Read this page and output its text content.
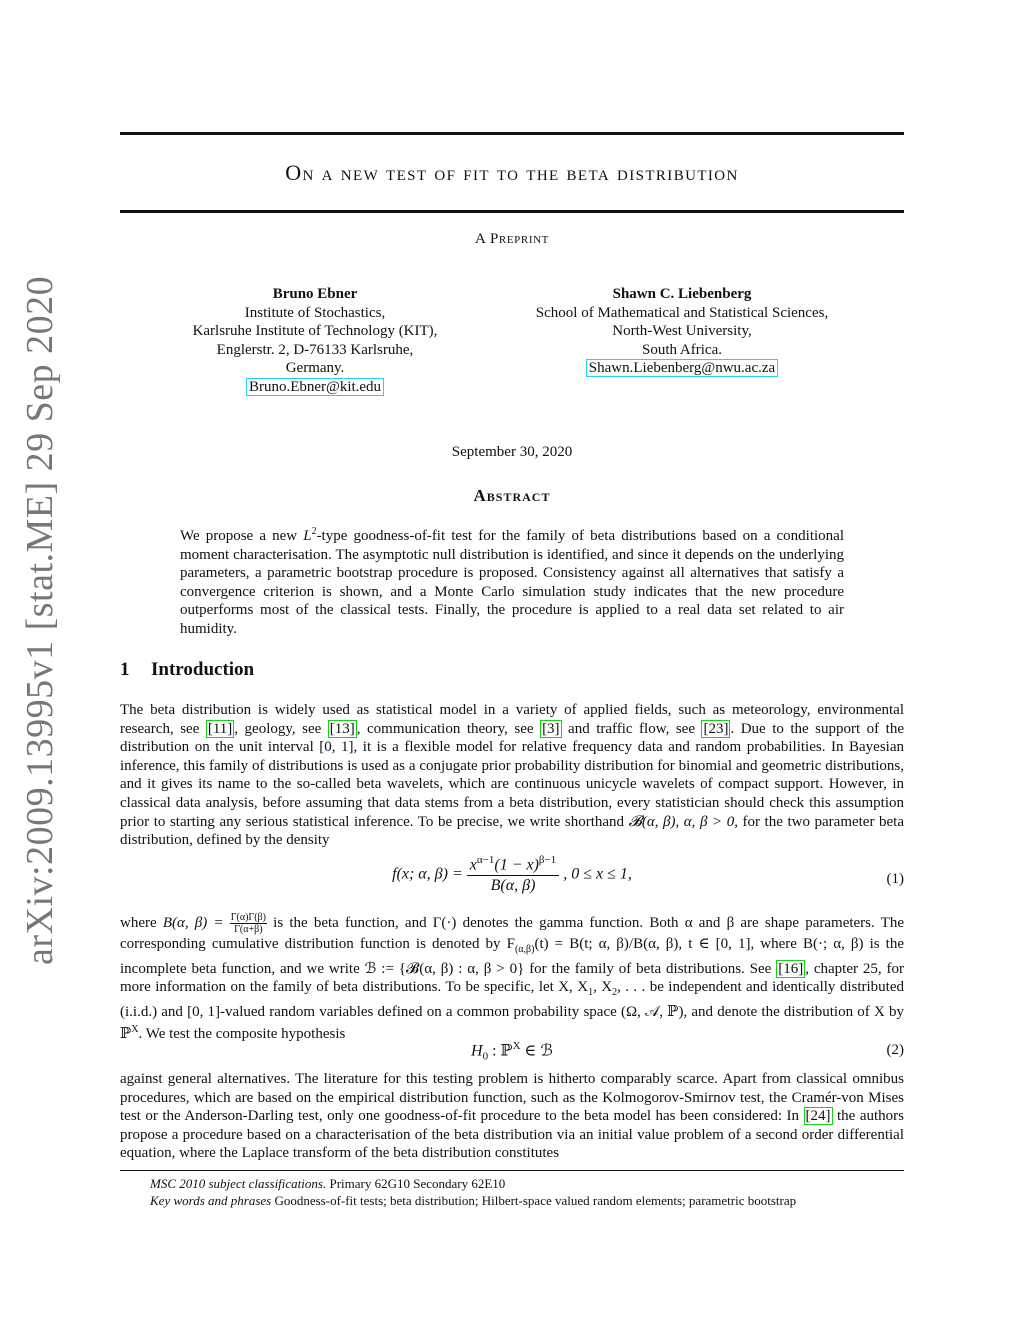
arXiv:2009.13995v1 [stat.ME] 29 Sep 2020
On a new test of fit to the beta distribution
A Preprint
Bruno Ebner
Institute of Stochastics,
Karlsruhe Institute of Technology (KIT),
Englerstr. 2, D-76133 Karlsruhe,
Germany.
Bruno.Ebner@kit.edu
Shawn C. Liebenberg
School of Mathematical and Statistical Sciences,
North-West University,
South Africa.
Shawn.Liebenberg@nwu.ac.za
September 30, 2020
Abstract
We propose a new $L^2$-type goodness-of-fit test for the family of beta distributions based on a conditional moment characterisation. The asymptotic null distribution is identified, and since it depends on the underlying parameters, a parametric bootstrap procedure is proposed. Consistency against all alternatives that satisfy a convergence criterion is shown, and a Monte Carlo simulation study indicates that the new procedure outperforms most of the classical tests. Finally, the procedure is applied to a real data set related to air humidity.
1 Introduction
The beta distribution is widely used as statistical model in a variety of applied fields, such as meteorology, environmental research, see [11] , geology, see [13] , communication theory, see [3] and traffic flow, see [23] . Due to the support of the distribution on the unit interval [0, 1], it is a flexible model for relative frequency data and random probabilities. In Bayesian inference, this family of distributions is used as a conjugate prior probability distribution for binomial and geometric distributions, and it gives its name to the so-called beta wavelets, which are continuous unicycle wavelets of compact support. However, in classical data analysis, before assuming that data stems from a beta distribution, every statistician should check this assumption prior to starting any serious statistical inference. To be precise, we write shorthand 𝓑(α, β), α, β > 0, for the two parameter beta distribution, defined by the density
f(x; α, $\beta) = \frac{x^{\alpha-1}(1 - x)^{\beta-1}}{B(\alpha, \beta)}$ , 0 ≤ x ≤ 1,	(1)
where B(α, $\beta) = \frac{\Gamma(\alpha)\Gamma(\beta)}{\Gamma(\alpha+\beta)}$ is the beta function, and Γ(·) denotes the gamma function. Both α and β are shape parameters. The corresponding cumulative distribution function is denoted by $F_{(\alpha,\beta)}(t) = B(t$; α, β)/B(α, β), t ∈ [0, 1], where B(·; α, β) is the incomplete beta function, and we write ℬ := {𝓑(α, β) : α, β > 0} for the family of beta distributions. See [16] , chapter 25, for more information on the family of beta distributions. To be specific, let X, $X_1$, $X_2$, . . . be independent and identically distributed (i.i.d.) and [0, 1]-valued random variables defined on a common probability space (Ω, 𝒜, ℙ), and denote the distribution of X by ℙ$^X$. We test the composite hypothesis
$H_0$ : ℙ$^X$ ∈ ℬ	(2)
against general alternatives. The literature for this testing problem is hitherto comparably scarce. Apart from classical omnibus procedures, which are based on the empirical distribution function, such as the Kolmogorov-Smirnov test, the Cramér-von Mises test or the Anderson-Darling test, only one goodness-of-fit procedure to the beta model has been considered: In [24] the authors propose a procedure based on a characterisation of the beta distribution via an initial value problem of a second order differential equation, where the Laplace transform of the beta distribution constitutes
MSC 2010 subject classifications. Primary 62G10 Secondary 62E10
Key words and phrases Goodness-of-fit tests; beta distribution; Hilbert-space valued random elements; parametric bootstrap
